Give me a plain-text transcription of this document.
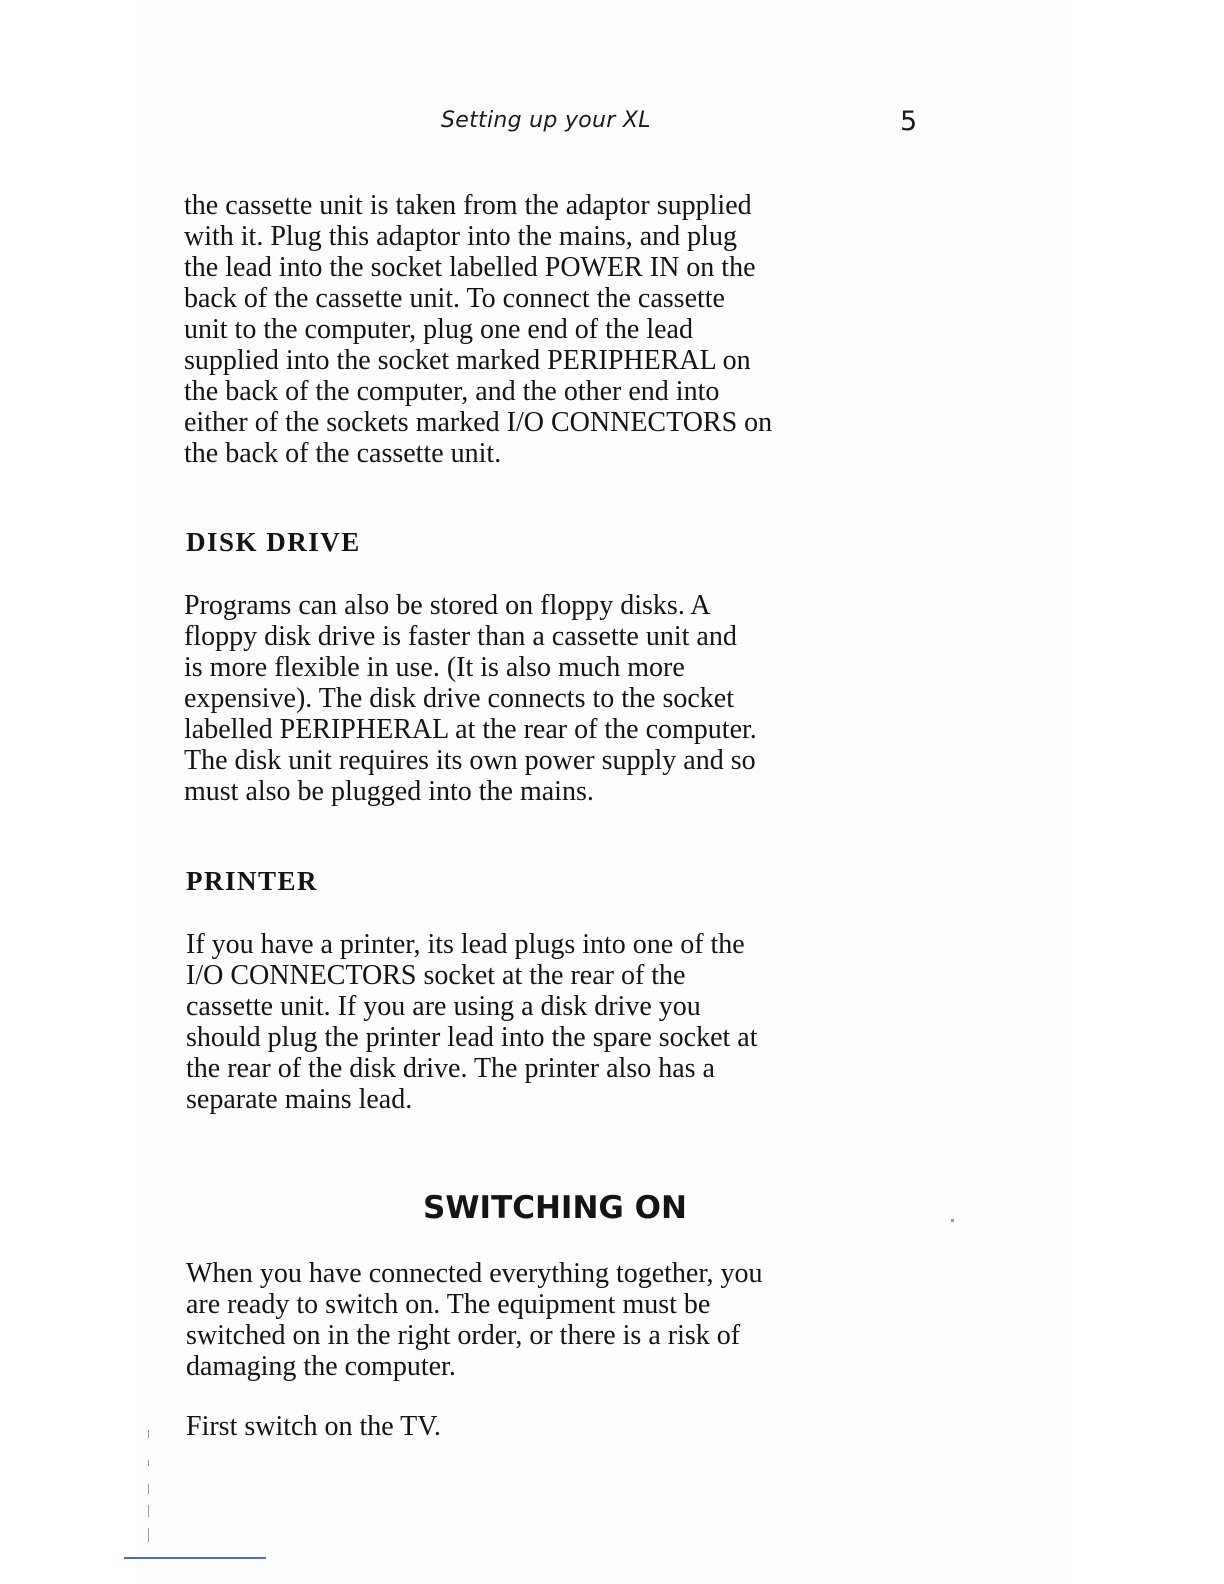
Setting up your XL	5

the cassette unit is taken from the adaptor supplied
with it. Plug this adaptor into the mains, and plug
the lead into the socket labelled POWER IN on the
back of the cassette unit. To connect the cassette
unit to the computer, plug one end of the lead
supplied into the socket marked PERIPHERAL on
the back of the computer, and the other end into
either of the sockets marked I/O CONNECTORS on
the back of the cassette unit.

DISK DRIVE

Programs can also be stored on floppy disks. A
floppy disk drive is faster than a cassette unit and
is more flexible in use. (It is also much more
expensive). The disk drive connects to the socket
labelled PERIPHERAL at the rear of the computer.
The disk unit requires its own power supply and so
must also be plugged into the mains.

PRINTER

If you have a printer, its lead plugs into one of the
I/O CONNECTORS socket at the rear of the
cassette unit. If you are using a disk drive you
should plug the printer lead into the spare socket at
the rear of the disk drive. The printer also has a
separate mains lead.

SWITCHING ON

When you have connected everything together, you
are ready to switch on. The equipment must be
switched on in the right order, or there is a risk of
damaging the computer.

First switch on the TV.
